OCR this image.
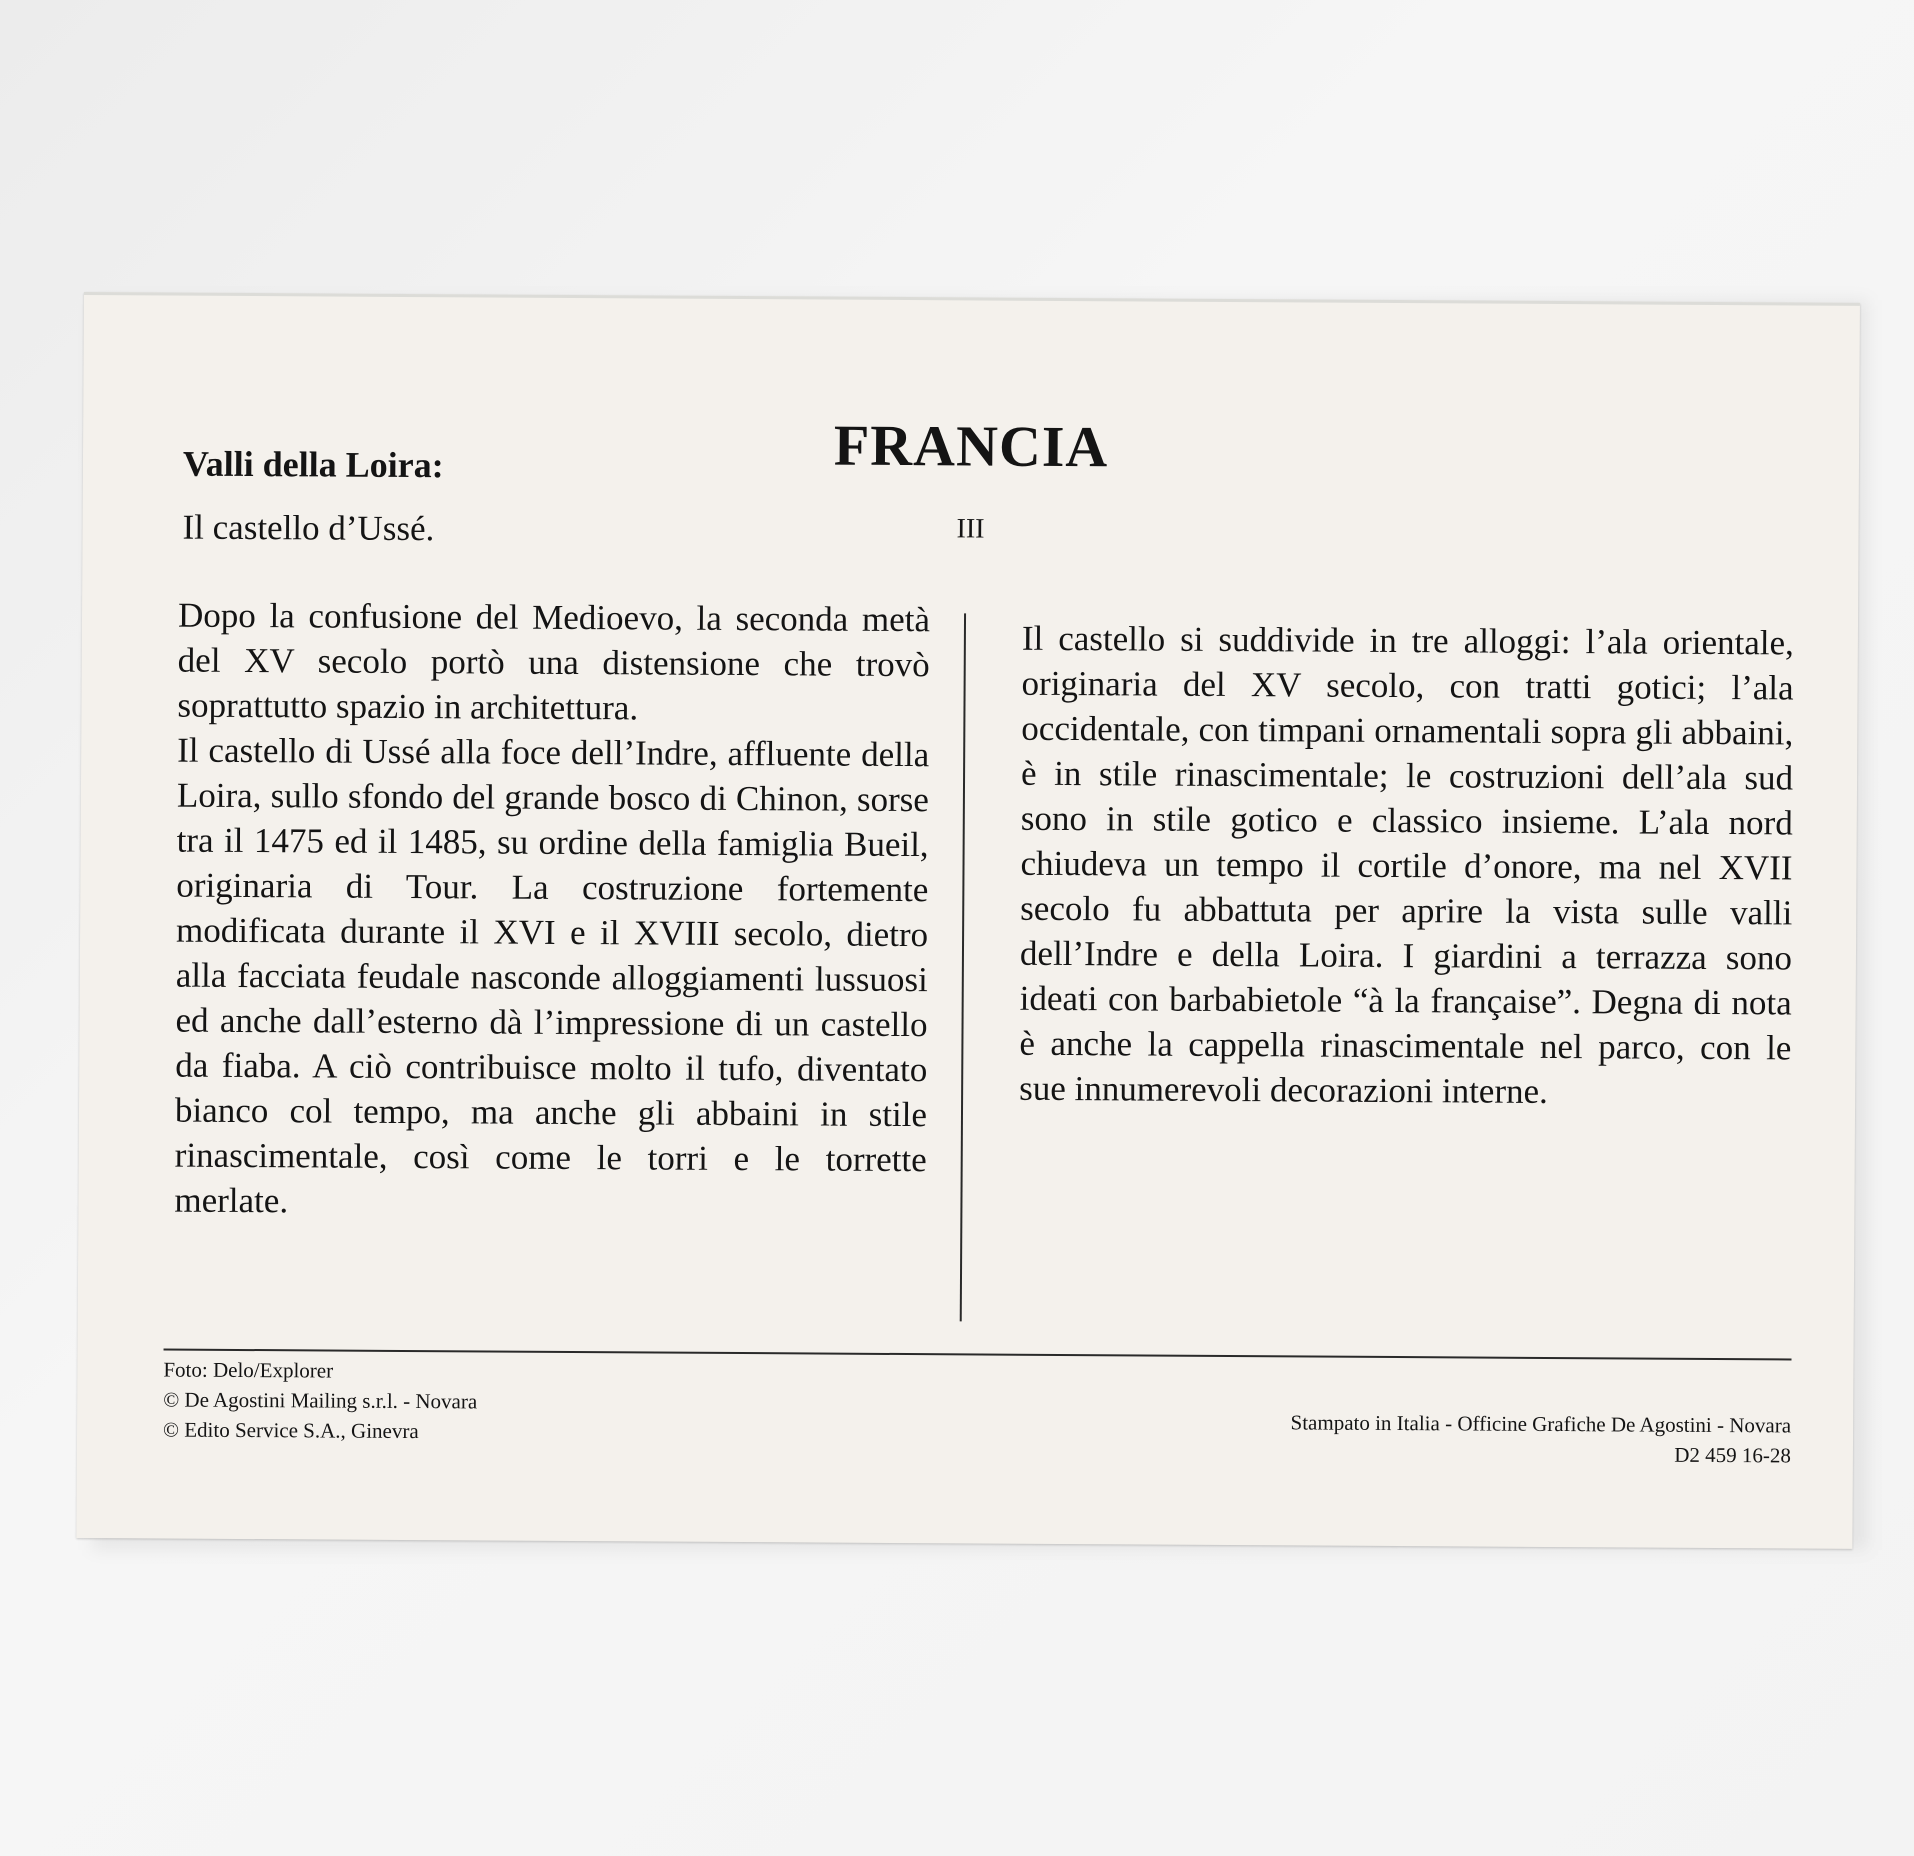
FRANCIA
III
Valli della Loira:
Il castello d’Ussé.

Dopo la confusione del Medioevo, la seconda metà del XV secolo portò una distensione che trovò soprattutto spazio in architettura.

Il castello di Ussé alla foce dell’Indre, affluente della Loira, sullo sfondo del grande bosco di Chinon, sorse tra il 1475 ed il 1485, su ordine della famiglia Bueil, originaria di Tour. La costruzione fortemente modificata durante il XVI e il XVIII secolo, dietro alla facciata feudale nasconde alloggiamenti lussuosi ed anche dall’esterno dà l’impressione di un castello da fiaba. A ciò contribuisce molto il tufo, diventato bianco col tempo, ma anche gli abbaini in stile rinascimentale, così come le torri e le torrette merlate.

Il castello si suddivide in tre alloggi: l’ala orientale, originaria del XV secolo, con tratti gotici; l’ala occidentale, con timpani ornamentali sopra gli abbaini, è in stile rinascimentale; le costruzioni dell’ala sud sono in stile gotico e classico insieme. L’ala nord chiudeva un tempo il cortile d’onore, ma nel XVII secolo fu abbattuta per aprire la vista sulle valli dell’Indre e della Loira. I giardini a terrazza sono ideati con barbabietole “à la française”. Degna di nota è anche la cappella rinascimentale nel parco, con le sue innumerevoli decorazioni interne.

Foto: Delo/Explorer
© De Agostini Mailing s.r.l. - Novara
© Edito Service S.A., Ginevra	Stampato in Italia - Officine Grafiche De Agostini - Novara
D2 459 16-28
